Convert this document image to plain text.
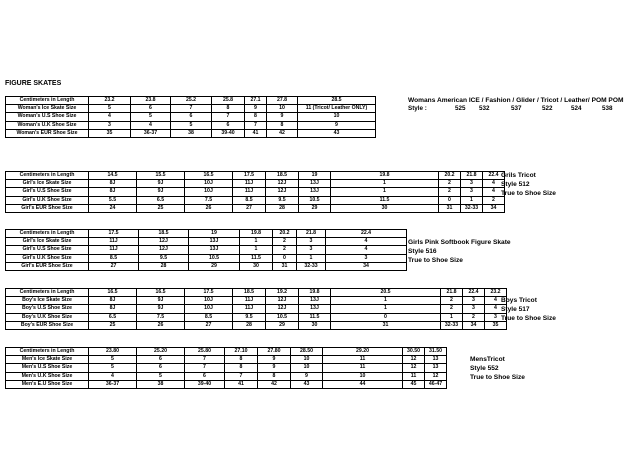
FIGURE SKATES
Centimeters in Length	23.2	23.8	25.2	25.8	27.1	27.8	28.5
Woman's Ice Skate Size	5	6	7	8	9	10	11 (Tricot/ Leather ONLY)
Woman's U.S Shoe Size	4	5	6	7	8	9	10
Woman's U.K Shoe Size	3	4	5	6	7	8	9
Woman's EUR Shoe Size	35	36-37	38	39-40	41	42	43
Womans American ICE / Fashion / Glider / Tricot / Leather/ POM POM
Style :	525 532	537	522	524	538
Centimeters in Length	14.5	15.5	16.5	17.5	18.5	19	19.8	20.2	21.8	22.4
Girl's Ice Skate Size	8J	9J	10J	11J	12J	13J	1	2	3	4
Girl's U.S Shoe Size	8J	9J	10J	11J	12J	13J	1	2	3	4
Girl's U.K Shoe Size	5.5	6.5	7.5	8.5	9.5	10.5	11.5	0	1	2
Girl's EUR Shoe Size	24	25	26	27	28	29	30	31	32-33	34
Grils Tricot
Style 512
True to Shoe Size
Centimeters in Length	17.5	18.5	19	19.8	20.2	21.8	22.4
Girl's Ice Skate Size	11J	12J	13J	1	2	3	4
Girl's U.S Shoe Size	11J	12J	13J	1	2	3	4
Girl's U.K Shoe Size	8.5	9.5	10.5	11.5	0	1	3
Girl's EUR Shoe Size	27	28	29	30	31	32-33	34
Girls Pink Softbook Figure Skate
Style 516
True to Shoe Size
Centimeters in Length	16.5	16.5	17.5	18.5	19.2	19.8	20.5	21.8	22.4	23.2
Boy's Ice Skate Size	8J	9J	10J	11J	12J	13J	1	2	3	4
Boy's U.S Shoe Size	8J	9J	10J	11J	12J	13J	1	2	3	4
Boy's U.K Shoe Size	6.5	7.5	8.5	9.5	10.5	11.5	0	1	2	3
Boy's EUR Shoe Size	25	26	27	28	29	30	31	32-33	34	35
Boys Tricot
Style 517
True to Shoe Size
Centimeters in Length	23.80	25.20	25.80	27.10	27.80	28.50	29.20	30.50	31.50
Men's Ice Skate Size	5	6	7	8	9	10	11	12	13
Men's U.S Shoe Size	5	6	7	8	9	10	11	12	13
Men's U.K Shoe Size	4	5	6	7	8	9	10	11	12
Men's E.U Shoe Size	36-37	38	39-40	41	42	43	44	45	46-47
MensTricot
Style 552
True to Shoe Size
